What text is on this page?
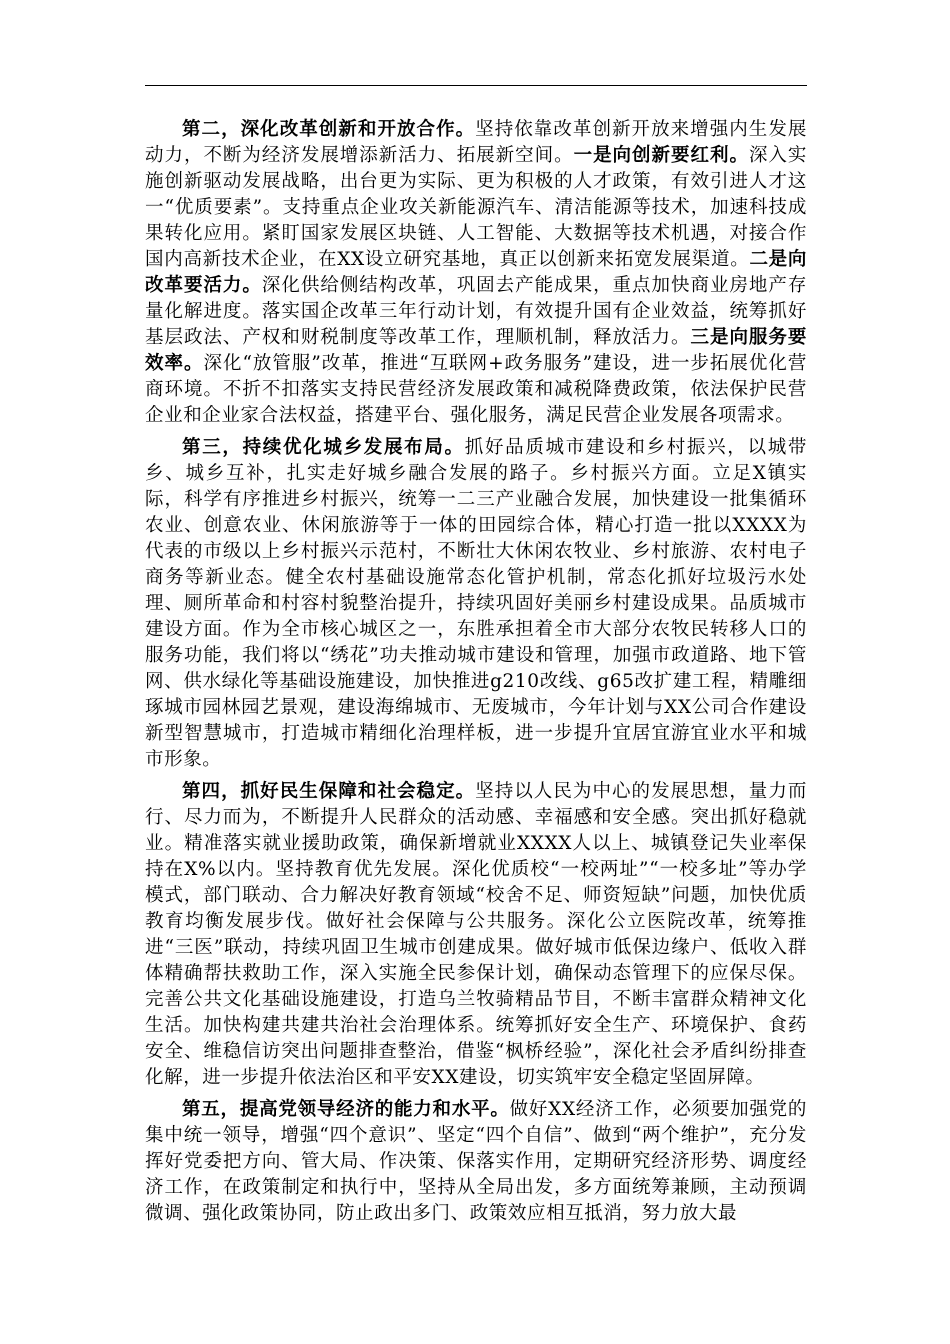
第二，深化改革创新和开放合作。坚持依靠改革创新开放来增强内生发展动力，不断为经济发展增添新活力、拓展新空间。一是向创新要红利。深入实施创新驱动发展战略，出台更为实际、更为积极的人才政策，有效引进人才这一“优质要素”。支持重点企业攻关新能源汽车、清洁能源等技术，加速科技成果转化应用。紧盯国家发展区块链、人工智能、大数据等技术机遇，对接合作国内高新技术企业，在XX设立研究基地，真正以创新来拓宽发展渠道。二是向改革要活力。深化供给侧结构改革，巩固去产能成果，重点加快商业房地产存量化解进度。落实国企改革三年行动计划，有效提升国有企业效益，统筹抓好基层政法、产权和财税制度等改革工作，理顺机制，释放活力。三是向服务要效率。深化“放管服”改革，推进“互联网+政务服务”建设，进一步拓展优化营商环境。不折不扣落实支持民营经济发展政策和减税降费政策，依法保护民营企业和企业家合法权益，搭建平台、强化服务，满足民营企业发展各项需求。

第三，持续优化城乡发展布局。抓好品质城市建设和乡村振兴，以城带乡、城乡互补，扎实走好城乡融合发展的路子。乡村振兴方面。立足X镇实际，科学有序推进乡村振兴，统筹一二三产业融合发展，加快建设一批集循环农业、创意农业、休闲旅游等于一体的田园综合体，精心打造一批以XXXX为代表的市级以上乡村振兴示范村，不断壮大休闲农牧业、乡村旅游、农村电子商务等新业态。健全农村基础设施常态化管护机制，常态化抓好垃圾污水处理、厕所革命和村容村貌整治提升，持续巩固好美丽乡村建设成果。品质城市建设方面。作为全市核心城区之一，东胜承担着全市大部分农牧民转移人口的服务功能，我们将以“绣花”功夫推动城市建设和管理，加强市政道路、地下管网、供水绿化等基础设施建设，加快推进g210改线、g65改扩建工程，精雕细琢城市园林园艺景观，建设海绵城市、无废城市，今年计划与XX公司合作建设新型智慧城市，打造城市精细化治理样板，进一步提升宜居宜游宜业水平和城市形象。

第四，抓好民生保障和社会稳定。坚持以人民为中心的发展思想，量力而行、尽力而为，不断提升人民群众的活动感、幸福感和安全感。突出抓好稳就业。精准落实就业援助政策，确保新增就业XXXX人以上、城镇登记失业率保持在X%以内。坚持教育优先发展。深化优质校“一校两址”“一校多址”等办学模式，部门联动、合力解决好教育领域“校舍不足、师资短缺”问题，加快优质教育均衡发展步伐。做好社会保障与公共服务。深化公立医院改革，统筹推进“三医”联动，持续巩固卫生城市创建成果。做好城市低保边缘户、低收入群体精确帮扶救助工作，深入实施全民参保计划，确保动态管理下的应保尽保。完善公共文化基础设施建设，打造乌兰牧骑精品节目，不断丰富群众精神文化生活。加快构建共建共治社会治理体系。统筹抓好安全生产、环境保护、食药安全、维稳信访突出问题排查整治，借鉴“枫桥经验”，深化社会矛盾纠纷排查化解，进一步提升依法治区和平安XX建设，切实筑牢安全稳定坚固屏障。

第五，提高党领导经济的能力和水平。做好XX经济工作，必须要加强党的集中统一领导，增强“四个意识”、坚定“四个自信”、做到“两个维护”，充分发挥好党委把方向、管大局、作决策、保落实作用，定期研究经济形势、调度经济工作，在政策制定和执行中，坚持从全局出发，多方面统筹兼顾，主动预调微调、强化政策协同，防止政出多门、政策效应相互抵消，努力放大最
